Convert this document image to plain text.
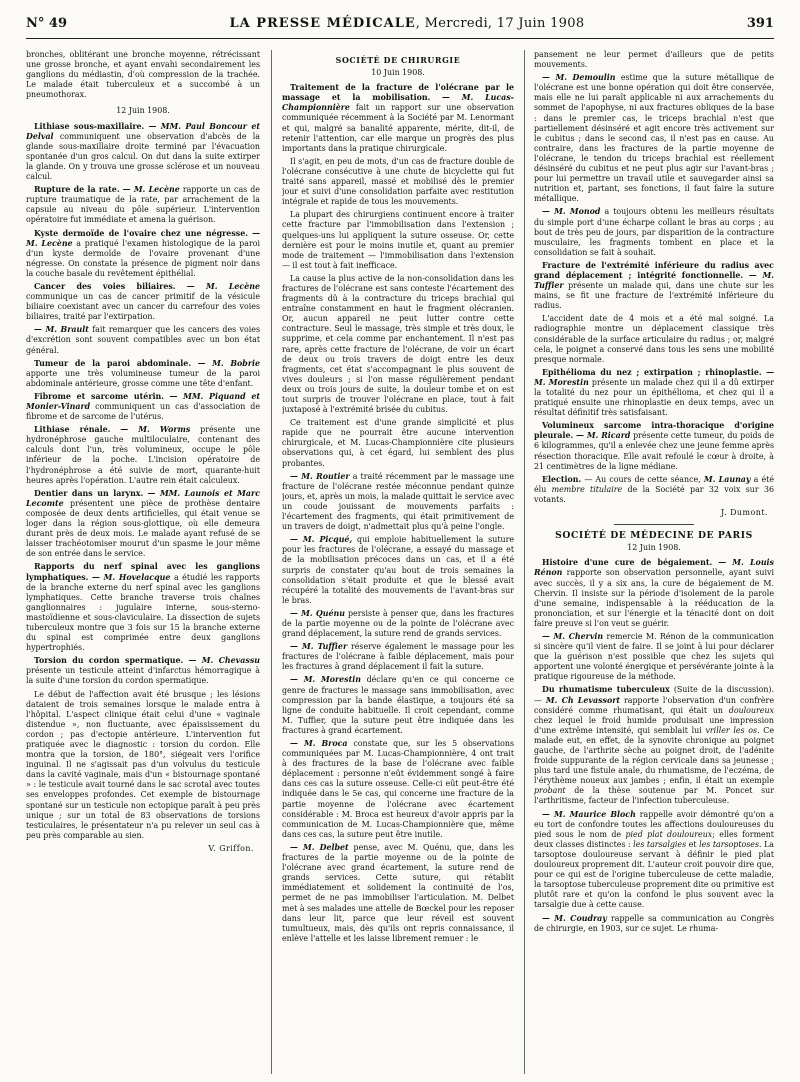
N° 49	LA PRESSE MÉDICALE, Mercredi, 17 Juin 1908	391

bronches, oblitérant une bronche moyenne, rétrécissant une grosse bronche, et ayant envahi secondairement les ganglions du médiastin, d'où compression de la trachée. Le malade était tuberculeux et a succombé à un pneumothorax.

12 Juin 1908.

Lithiase sous-maxillaire. — MM. Paul Boncour et Delval communiquent une observation d'abcès de la glande sous-maxillaire droite terminé par l'évacuation spontanée d'un gros calcul. On dut dans la suite extirper la glande. On y trouva une grosse sclérose et un nouveau calcul.

Rupture de la rate. — M. Lecène rapporte un cas de rupture traumatique de la rate, par arrachement de la capsule au niveau du pôle supérieur. L'intervention opératoire fut immédiate et amena la guérison.

Kyste dermoïde de l'ovaire chez une négresse. — M. Lecène a pratiqué l'examen histologique de la paroi d'un kyste dermoïde de l'ovaire provenant d'une négresse. On constate la présence de pigment noir dans la couche basale du revêtement épithélial.

Cancer des voies biliaires. — M. Lecène communique un cas de cancer primitif de la vésicule biliaire coexistant avec un cancer du carrefour des voies biliaires, traité par l'extirpation.

— M. Brault fait remarquer que les cancers des voies d'excrétion sont souvent compatibles avec un bon état général.

Tumeur de la paroi abdominale. — M. Bobrie apporte une très volumineuse tumeur de la paroi abdominale antérieure, grosse comme une tête d'enfant.

Fibrome et sarcome utérin. — MM. Piquand et Monier-Vinard communiquent un cas d'association de fibrome et de sarcome de l'utérus.

Lithiase rénale. — M. Worms présente une hydronéphrose gauche multiloculaire, contenant des calculs dont l'un, très volumineux, occupe le pôle inférieur de la poche. L'incision opératoire de l'hydronéphrose a été suivie de mort, quarante-huit heures après l'opération. L'autre rein était calculeux.

Dentier dans un larynx. — MM. Launois et Marc Lecomte présentent une pièce de prothèse dentaire composée de deux dents artificielles, qui était venue se loger dans la région sous-glottique, où elle demeura durant près de deux mois. Le malade ayant refusé de se laisser trachéotomiser mourut d'un spasme le jour même de son entrée dans le service.

Rapports du nerf spinal avec les ganglions lymphatiques. — M. Hovelacque a étudié les rapports de la branche externe du nerf spinal avec les ganglions lymphatiques. Cette branche traverse trois chaînes ganglionnaires : jugulaire interne, sous-sterno-mastoïdienne et sous-claviculaire. La dissection de sujets tuberculeux montre que 3 fois sur 15 la branche externe du spinal est comprimée entre deux ganglions hypertrophiés.

Torsion du cordon spermatique. — M. Chevassu présente un testicule atteint d'infarctus hémorragique à la suite d'une torsion du cordon spermatique.

Le début de l'affection avait été brusque ; les lésions dataient de trois semaines lorsque le malade entra à l'hôpital. L'aspect clinique était celui d'une « vaginale distendue », non fluctuante, avec épaississement du cordon ; pas d'ectopie antérieure. L'intervention fut pratiquée avec le diagnostic : torsion du cordon. Elle montra que la torsion, de 180°, siégeait vers l'orifice inguinal. Il ne s'agissait pas d'un volvulus du testicule dans la cavité vaginale, mais d'un « bistournage spontané » : le testicule avait tourné dans le sac scrotal avec toutes ses enveloppes profondes. Cet exemple de bistournage spontané sur un testicule non ectopique paraît à peu près unique ; sur un total de 83 observations de torsions testiculaires, le présentateur n'a pu relever un seul cas à peu près comparable au sien.

V. Griffon.
SOCIÉTÉ DE CHIRURGIE
10 Juin 1908.

Traitement de la fracture de l'olécrane par le massage et la mobilisation. — M. Lucas-Championnière fait un rapport sur une observation communiquée récemment à la Société par M. Lenormant et qui, malgré sa banalité apparente, mérite, dit-il, de retenir l'attention, car elle marque un progrès des plus importants dans la pratique chirurgicale.

Il s'agit, en peu de mots, d'un cas de fracture double de l'olécrane consécutive à une chute de bicyclette qui fut traité sans appareil, massé et mobilisé dès le premier jour et suivi d'une consolidation parfaite avec restitution intégrale et rapide de tous les mouvements.

La plupart des chirurgiens continuent encore à traiter cette fracture par l'immobilisation dans l'extension ; quelques-uns lui appliquent la suture osseuse. Or, cette dernière est pour le moins inutile et, quant au premier mode de traitement — l'immobilisation dans l'extension — il est tout à fait inefficace.

La cause la plus active de la non-consolidation dans les fractures de l'olécrane est sans conteste l'écartement des fragments dû à la contracture du triceps brachial qui entraîne constamment en haut le fragment olécranien. Or, aucun appareil ne peut lutter contre cette contracture. Seul le massage, très simple et très doux, le supprime, et cela comme par enchantement. Il n'est pas rare, après cette fracture de l'olécrane, de voir un écart de deux ou trois travers de doigt entre les deux fragments, cet état s'accompagnant le plus souvent de vives douleurs ; si l'on masse régulièrement pendant deux ou trois jours de suite, la douleur tombe et on est tout surpris de trouver l'olécrane en place, tout à fait juxtaposé à l'extrémité brisée du cubitus.

Ce traitement est d'une grande simplicité et plus rapide que ne pourrait être aucune intervention chirurgicale, et M. Lucas-Championnière cite plusieurs observations qui, à cet égard, lui semblent des plus probantes.

— M. Routier a traité récemment par le massage une fracture de l'olécrane restée méconnue pendant quinze jours, et, après un mois, la malade quittait le service avec un coude jouissant de mouvements parfaits : l'écartement des fragments, qui était primitivement de un travers de doigt, n'admettait plus qu'à peine l'ongle.

— M. Picqué, qui emploie habituellement la suture pour les fractures de l'olécrane, a essayé du massage et de la mobilisation précoces dans un cas, et il a été surpris de constater qu'au bout de trois semaines la consolidation s'était produite et que le blessé avait récupéré la totalité des mouvements de l'avant-bras sur le bras.

— M. Quénu persiste à penser que, dans les fractures de la partie moyenne ou de la pointe de l'olécrane avec grand déplacement, la suture rend de grands services.

— M. Tuffier réserve également le massage pour les fractures de l'olécrane à faible déplacement, mais pour les fractures à grand déplacement il fait la suture.

— M. Morestin déclare qu'en ce qui concerne ce genre de fractures le massage sans immobilisation, avec compression par la bande élastique, a toujours été sa ligne de conduite habituelle. Il croit cependant, comme M. Tuffier, que la suture peut être indiquée dans les fractures à grand écartement.

— M. Broca constate que, sur les 5 observations communiquées par M. Lucas-Championnière, 4 ont trait à des fractures de la base de l'olécrane avec faible déplacement : personne n'eût évidemment songé à faire dans ces cas la suture osseuse. Celle-ci eût peut-être été indiquée dans le 5e cas, qui concerne une fracture de la partie moyenne de l'olécrane avec écartement considérable : M. Broca est heureux d'avoir appris par la communication de M. Lucas-Championnière que, même dans ces cas, la suture peut être inutile.

— M. Delbet pense, avec M. Quénu, que, dans les fractures de la partie moyenne ou de la pointe de l'olécrane avec grand écartement, la suture rend de grands services. Cette suture, qui rétablit immédiatement et solidement la continuité de l'os, permet de ne pas immobiliser l'articulation. M. Delbet met à ses malades une attelle de Bœckel pour les reposer dans leur lit, parce que leur réveil est souvent tumultueux, mais, dès qu'ils ont repris connaissance, il enlève l'attelle et les laisse librement remuer : le

pansement ne leur permet d'ailleurs que de petits mouvements.

— M. Demoulin estime que la suture métallique de l'olécrane est une bonne opération qui doit être conservée, mais elle ne lui paraît applicable ni aux arrachements du sommet de l'apophyse, ni aux fractures obliques de la base : dans le premier cas, le triceps brachial n'est que partiellement désinséré et agit encore très activement sur le cubitus ; dans le second cas, il n'est pas en cause. Au contraire, dans les fractures de la partie moyenne de l'olécrane, le tendon du triceps brachial est réellement désinséré du cubitus et ne peut plus agir sur l'avant-bras ; pour lui permettre un travail utile et sauvegarder ainsi sa nutrition et, partant, ses fonctions, il faut faire la suture métallique.

— M. Monod a toujours obtenu les meilleurs résultats du simple port d'une écharpe collant le bras au corps ; au bout de très peu de jours, par disparition de la contracture musculaire, les fragments tombent en place et la consolidation se fait à souhait.

Fracture de l'extrémité inférieure du radius avec grand déplacement ; intégrité fonctionnelle. — M. Tuffier présente un malade qui, dans une chute sur les mains, se fit une fracture de l'extrémité inférieure du radius.

L'accident date de 4 mois et a été mal soigné. La radiographie montre un déplacement classique très considérable de la surface articulaire du radius ; or, malgré cela, le poignet a conservé dans tous les sens une mobilité presque normale.

Epithélioma du nez ; extirpation ; rhinoplastie. — M. Morestin présente un malade chez qui il a dû extirper la totalité du nez pour un épithélioma, et chez qui il a pratiqué ensuite une rhinoplastie en deux temps, avec un résultat définitif très satisfaisant.

Volumineux sarcome intra-thoracique d'origine pleurale. — M. Ricard présente cette tumeur, du poids de 6 kilogrammes, qu'il a enlevée chez une jeune femme après résection thoracique. Elle avait refoulé le cœur à droite, à 21 centimètres de la ligne médiane.

Election. — Au cours de cette séance, M. Launay a été élu membre titulaire de la Société par 32 voix sur 36 votants.

J. Dumont.
SOCIÉTÉ DE MÉDECINE DE PARIS
12 Juin 1908.

Histoire d'une cure de bégaiement. — M. Louis Rénon rapporte son observation personnelle, ayant suivi avec succès, il y a six ans, la cure de bégaiement de M. Chervin. Il insiste sur la période d'isolement de la parole d'une semaine, indispensable à la rééducation de la prononciation, et sur l'énergie et la ténacité dont on doit faire preuve si l'on veut se guérir.

— M. Chervin remercie M. Rénon de la communication si sincère qu'il vient de faire. Il se joint à lui pour déclarer que la guérison n'est possible que chez les sujets qui apportent une volonté énergique et persévérante jointe à la pratique rigoureuse de la méthode.

Du rhumatisme tuberculeux (Suite de la discussion). — M. Ch Levassort rapporte l'observation d'un confrère considéré comme rhumatisant, qui était un douloureux chez lequel le froid humide produisait une impression d'une extrême intensité, qui semblait lui vriller les os. Ce malade eut, en effet, de la synovite chronique au poignet gauche, de l'arthrite sèche au poignet droit, de l'adénite froide suppurante de la région cervicale dans sa jeunesse ; plus tard une fistule anale, du rhumatisme, de l'eczéma, de l'érythème noueux aux jambes ; enfin, il était un exemple probant de la thèse soutenue par M. Poncet sur l'arthritisme, facteur de l'infection tuberculeuse.

— M. Maurice Bloch rappelle avoir démontré qu'on a eu tort de confondre toutes les affections douloureuses du pied sous le nom de pied plat douloureux; elles forment deux classes distinctes : les tarsalgies et les tarsoptoses. La tarsoptose douloureuse servant à définir le pied plat douloureux proprement dit. L'auteur croit pouvoir dire que, pour ce qui est de l'origine tuberculeuse de cette maladie, la tarsoptose tuberculeuse proprement dite ou primitive est plutôt rare et qu'on la confond le plus souvent avec la tarsalgie due à cette cause.

— M. Coudray rappelle sa communication au Congrès de chirurgie, en 1903, sur ce sujet. Le rhuma-
